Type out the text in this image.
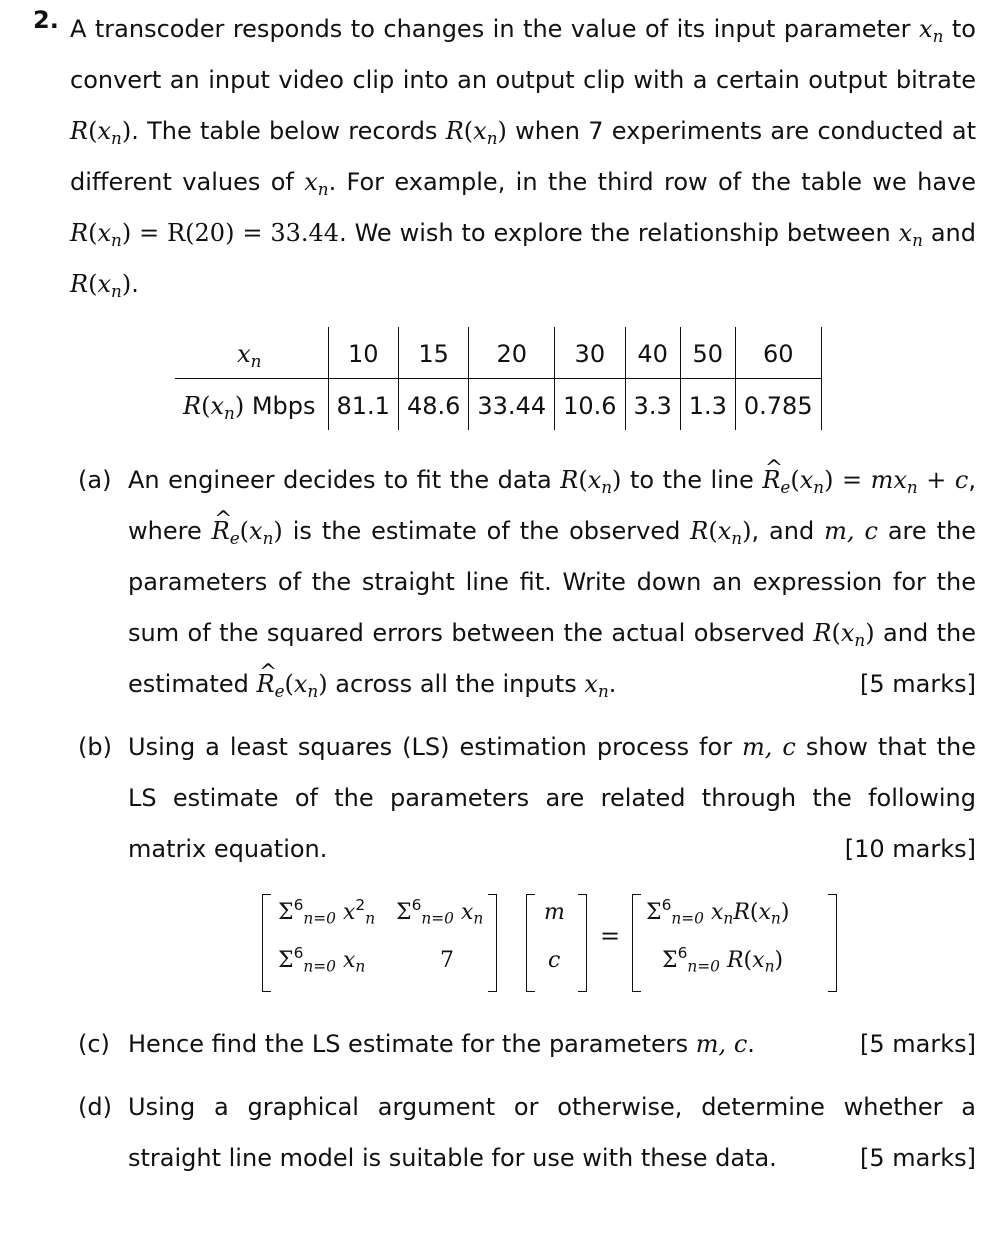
2. A transcoder responds to changes in the value of its input parameter $x_n$ to convert an input video clip into an output clip with a certain output bitrate $R(x_n)$. The table below records $R(x_n)$ when 7 experiments are conducted at different values of $x_n$. For example, in the third row of the table we have $R(x_n) = R(20) = 33.44$. We wish to explore the relationship between $x_n$ and $R(x_n)$.
$x_n$	10	15	20	30	40	50	60
$R(x_n)$ Mbps	81.1	48.6	33.44	10.6	3.3	1.3	0.785
(a) An engineer decides to fit the data $R(x_n)$ to the line ^ $R_e(x_n) = mx_n + c$, where ^ $R_e(x_n)$ is the estimate of the observed $R(x_n)$, and m, c are the parameters of the straight line fit. Write down an expression for the sum of the squared errors between the actual observed $R(x_n)$ and the estimated ^ $R_e(x_n)$ across all the inputs $x_n$.	[5 marks]
(b) Using a least squares (LS) estimation process for m, c show that the LS estimate of the parameters are related through the following matrix equation.	[10 marks]
$\Sigma^6_{n=0}$ $x^2_n$ $\Sigma^6_{n=0}$ $x_n$
$\Sigma^6_{n=0}$ $x_n$	7
m
c
=
$\Sigma^6_{n=0}$ $x_nR(x_n)$
$\Sigma^6_{n=0}$ $R(x_n)$
(c) Hence find the LS estimate for the parameters m, c.	[5 marks]
(d) Using a graphical argument or otherwise, determine whether a straight line model is suitable for use with these data.	[5 marks]
